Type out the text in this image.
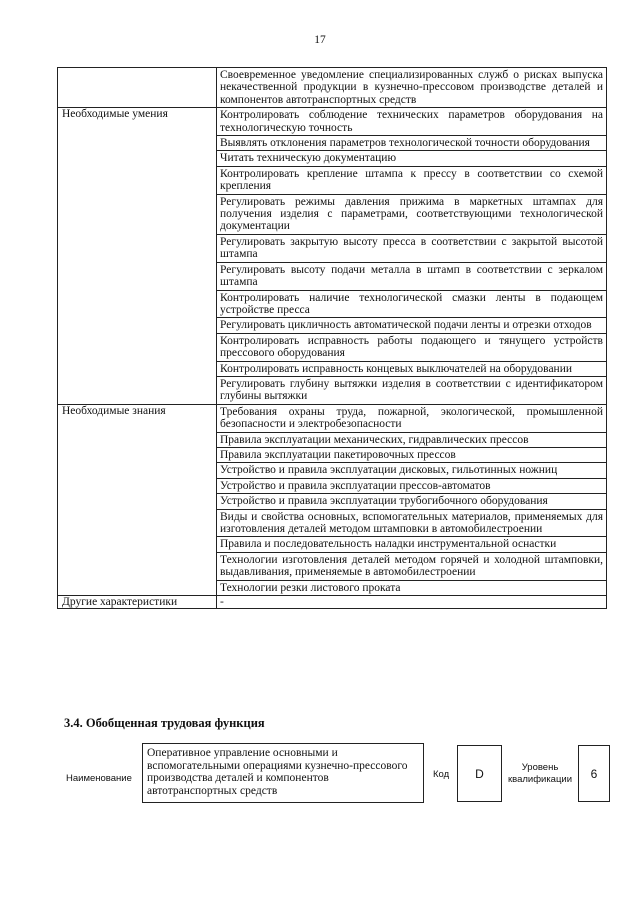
17

Своевременное уведомление специализированных служб о рисках выпуска некачественной продукции в кузнечно-прессовом производстве деталей и компонентов автотранспортных средств

Необходимые умения		Контролировать соблюдение технических параметров оборудования на технологическую точность
Выявлять отклонения параметров технологической точности оборудования
Читать техническую документацию
Контролировать крепление штампа к прессу в соответствии со схемой крепления
Регулировать режимы давления прижима в маркетных штампах для получения изделия с параметрами, соответствующими технологической документации
Регулировать закрытую высоту пресса в соответствии с закрытой высотой штампа
Регулировать высоту подачи металла в штамп в соответствии с зеркалом штампа
Контролировать наличие технологической смазки ленты в подающем устройстве пресса
Регулировать цикличность автоматической подачи ленты и отрезки отходов
Контролировать исправность работы подающего и тянущего устройств прессового оборудования
Контролировать исправность концевых выключателей на оборудовании
Регулировать глубину вытяжки изделия в соответствии с идентификатором глубины вытяжки

Необходимые знания		Требования охраны труда, пожарной, экологической, промышленной безопасности и электробезопасности
Правила эксплуатации механических, гидравлических прессов
Правила эксплуатации пакетировочных прессов
Устройство и правила эксплуатации дисковых, гильотинных ножниц
Устройство и правила эксплуатации прессов-автоматов
Устройство и правила эксплуатации трубогибочного оборудования
Виды и свойства основных, вспомогательных материалов, применяемых для изготовления деталей методом штамповки в автомобилестроении
Правила и последовательность наладки инструментальной оснастки
Технологии изготовления деталей методом горячей и холодной штамповки, выдавливания, применяемые в автомобилестроении
Технологии резки листового проката

Другие характеристики	-
3.4. Обобщенная трудовая функция
Наименование
Оперативное управление основными и вспомогательными операциями кузнечно-прессового производства деталей и компонентов автотранспортных средств
Код	D	Уровень квалификации	6
